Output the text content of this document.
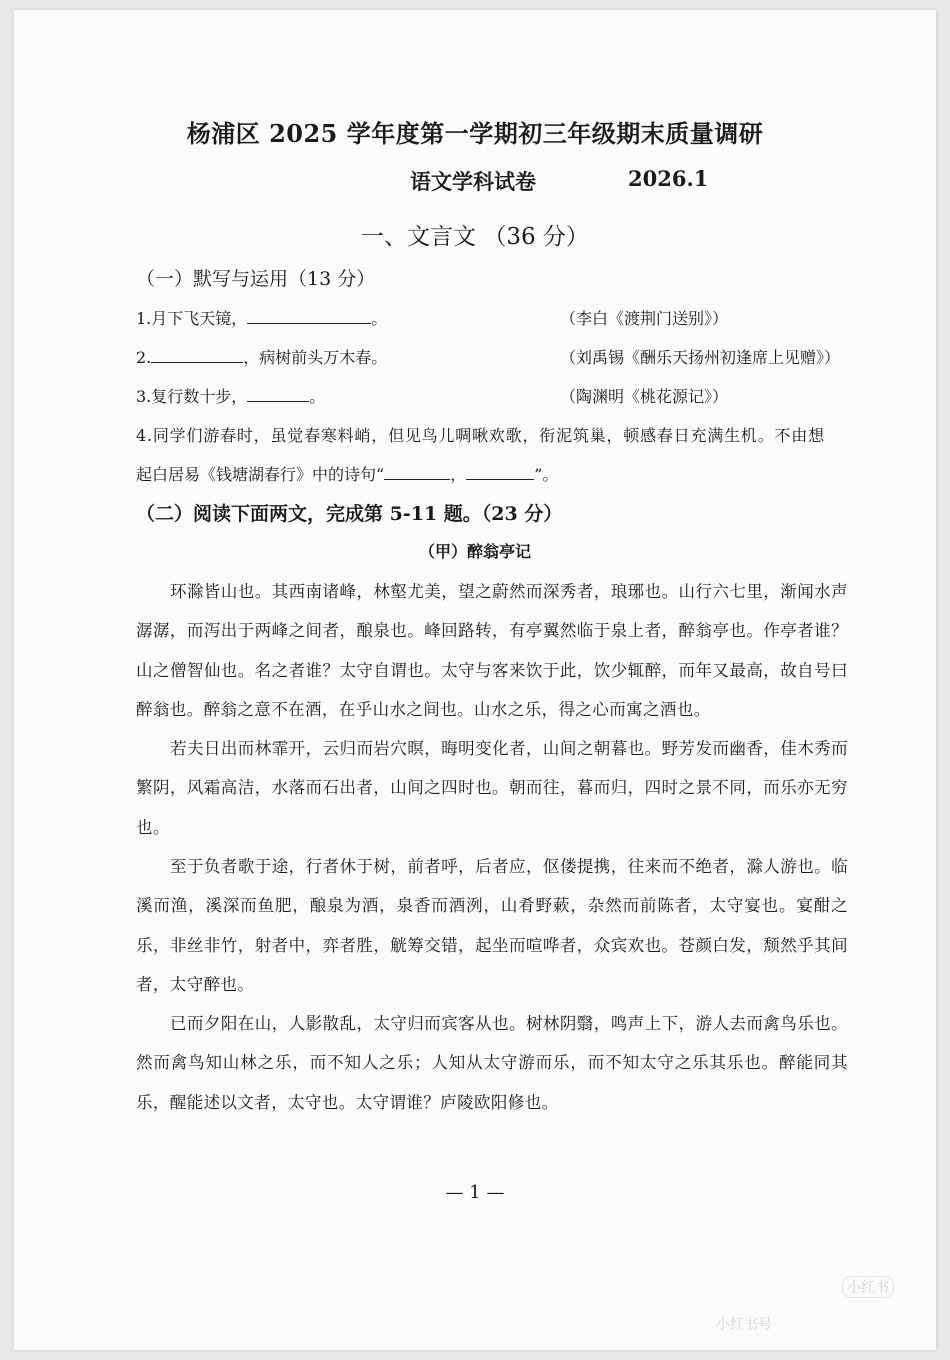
杨浦区 2025 学年度第一学期初三年级期末质量调研
语文学科试卷	2026.1
一、文言文 （36 分）
（一）默写与运用（13 分）
1.月下飞天镜，	。	（李白《渡荆门送别》）
2.	，病树前头万木春。	（刘禹锡《酬乐天扬州初逢席上见赠》）
3.复行数十步，	。	（陶渊明《桃花源记》）
4.同学们游春时，虽觉春寒料峭，但见鸟儿啁啾欢歌，衔泥筑巢，顿感春日充满生机。不由想
起白居易《钱塘湖春行》中的诗句“	，	”。
（二）阅读下面两文，完成第 5-11 题。（23 分）
（甲）醉翁亭记
环滁皆山也。其西南诸峰，林壑尤美，望之蔚然而深秀者，琅琊也。山行六七里，渐闻水声潺潺，而泻出于两峰之间者，酿泉也。峰回路转，有亭翼然临于泉上者，醉翁亭也。作亭者谁？山之僧智仙也。名之者谁？太守自谓也。太守与客来饮于此，饮少辄醉，而年又最高，故自号曰醉翁也。醉翁之意不在酒，在乎山水之间也。山水之乐，得之心而寓之酒也。
若夫日出而林霏开，云归而岩穴暝，晦明变化者，山间之朝暮也。野芳发而幽香，佳木秀而繁阴，风霜高洁，水落而石出者，山间之四时也。朝而往，暮而归，四时之景不同，而乐亦无穷也。
至于负者歌于途，行者休于树，前者呼，后者应，伛偻提携，往来而不绝者，滁人游也。临溪而渔，溪深而鱼肥，酿泉为酒，泉香而酒洌，山肴野蔌，杂然而前陈者，太守宴也。宴酣之乐，非丝非竹，射者中，弈者胜，觥筹交错，起坐而喧哗者，众宾欢也。苍颜白发，颓然乎其间者，太守醉也。
已而夕阳在山，人影散乱，太守归而宾客从也。树林阴翳，鸣声上下，游人去而禽鸟乐也。然而禽鸟知山林之乐，而不知人之乐；人知从太守游而乐，而不知太守之乐其乐也。醉能同其乐，醒能述以文者，太守也。太守谓谁？庐陵欧阳修也。
— 1 —
小红书
小红书号
